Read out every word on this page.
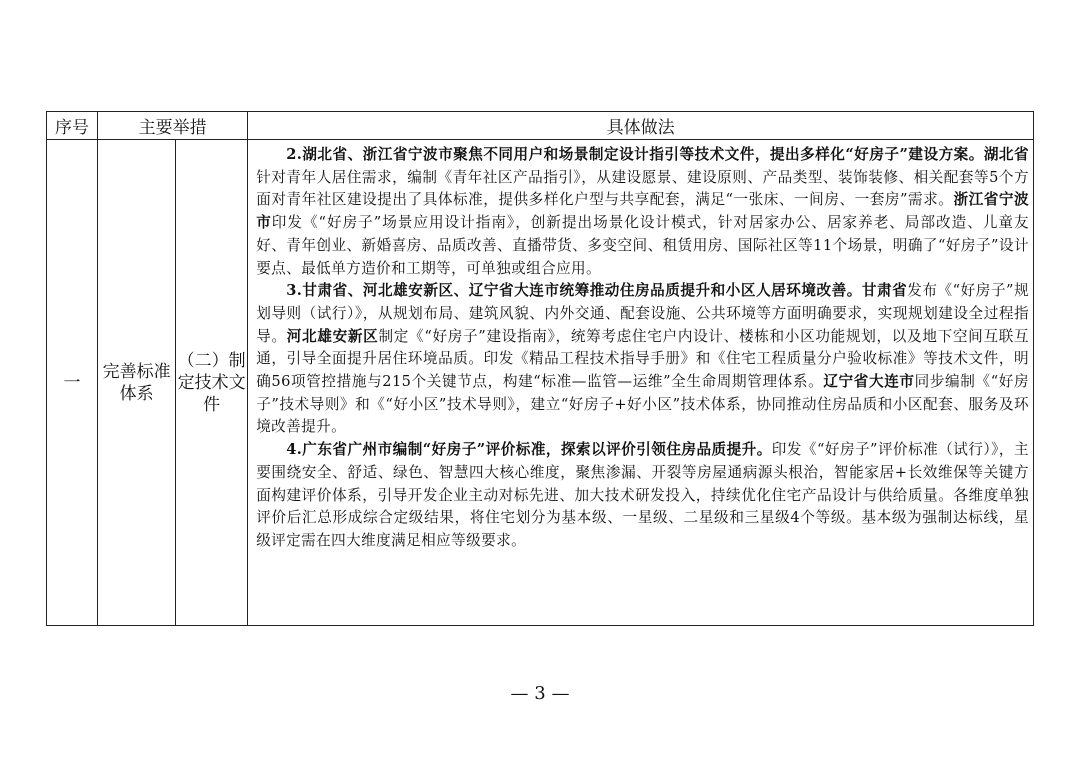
序号	主要举措		具体做法
一	完善标准体系	（二）制定技术文件	2.湖北省、浙江省宁波市聚焦不同用户和场景制定设计指引等技术文件，提出多样化“好房子”建设方案。湖北省针对青年人居住需求，编制《青年社区产品指引》，从建设愿景、建设原则、产品类型、装饰装修、相关配套等5个方面对青年社区建设提出了具体标准，提供多样化户型与共享配套，满足“一张床、一间房、一套房”需求。浙江省宁波市印发《“好房子”场景应用设计指南》，创新提出场景化设计模式，针对居家办公、居家养老、局部改造、儿童友好、青年创业、新婚喜房、品质改善、直播带货、多变空间、租赁用房、国际社区等11个场景，明确了“好房子”设计要点、最低单方造价和工期等，可单独或组合应用。

3.甘肃省、河北雄安新区、辽宁省大连市统筹推动住房品质提升和小区人居环境改善。甘肃省发布《“好房子”规划导则（试行）》，从规划布局、建筑风貌、内外交通、配套设施、公共环境等方面明确要求，实现规划建设全过程指导。河北雄安新区制定《“好房子”建设指南》，统筹考虑住宅户内设计、楼栋和小区功能规划，以及地下空间互联互通，引导全面提升居住环境品质。印发《精品工程技术指导手册》和《住宅工程质量分户验收标准》等技术文件，明确56项管控措施与215个关键节点，构建“标准—监管—运维”全生命周期管理体系。辽宁省大连市同步编制《“好房子”技术导则》和《“好小区”技术导则》，建立“好房子+好小区”技术体系，协同推动住房品质和小区配套、服务及环境改善提升。

4.广东省广州市编制“好房子”评价标准，探索以评价引领住房品质提升。印发《“好房子”评价标准（试行）》，主要围绕安全、舒适、绿色、智慧四大核心维度，聚焦渗漏、开裂等房屋通病源头根治，智能家居+长效维保等关键方面构建评价体系，引导开发企业主动对标先进、加大技术研发投入，持续优化住宅产品设计与供给质量。各维度单独评价后汇总形成综合定级结果，将住宅划分为基本级、一星级、二星级和三星级4个等级。基本级为强制达标线，星级评定需在四大维度满足相应等级要求。

— 3 —
